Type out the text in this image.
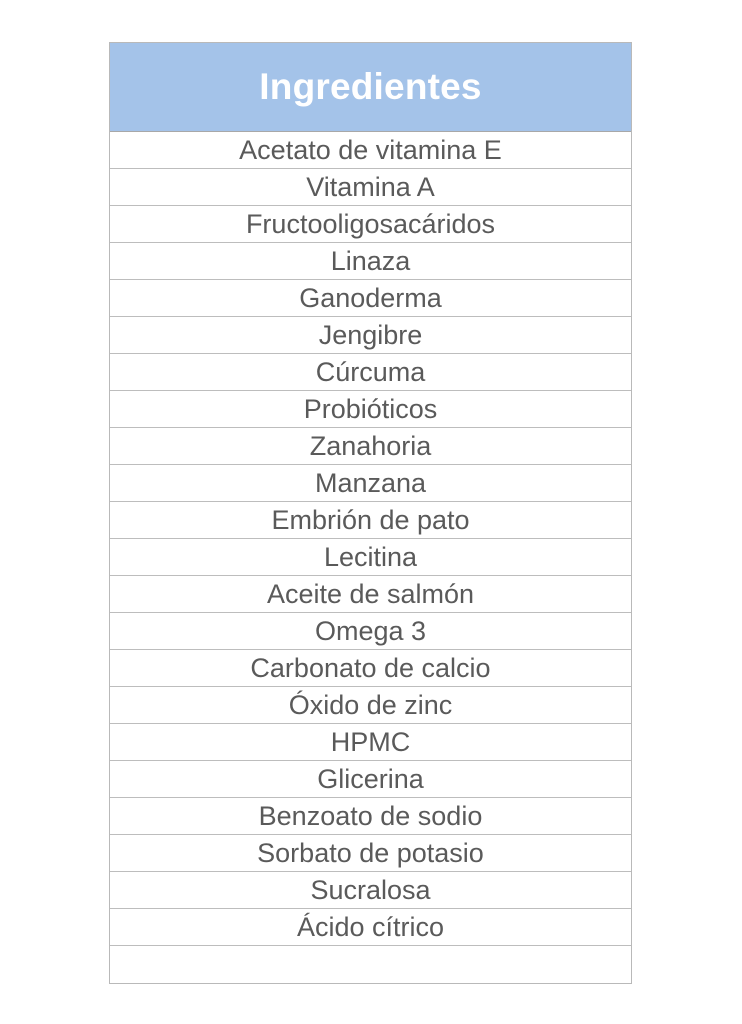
Ingredientes
Acetato de vitamina E
Vitamina A
Fructooligosacáridos
Linaza
Ganoderma
Jengibre
Cúrcuma
Probióticos
Zanahoria
Manzana
Embrión de pato
Lecitina
Aceite de salmón
Omega 3
Carbonato de calcio
Óxido de zinc
HPMC
Glicerina
Benzoato de sodio
Sorbato de potasio
Sucralosa
Ácido cítrico
